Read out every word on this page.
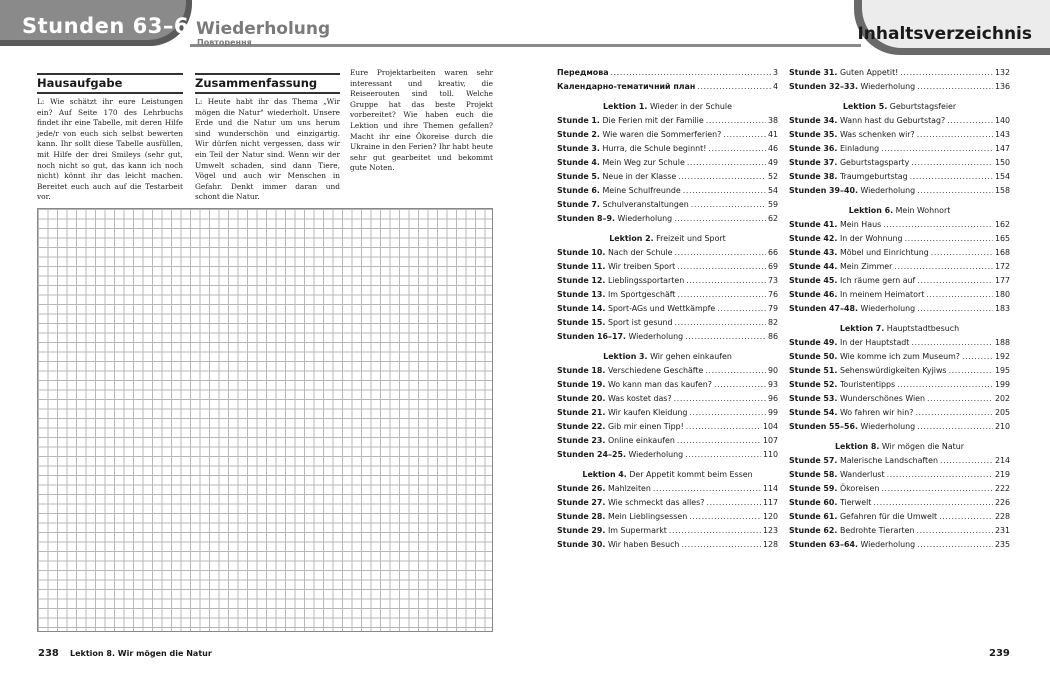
Stunden 63–64
Wiederholung
Повторення
Hausaufgabe
L: Wie schätzt ihr eure Leistungen ein? Auf Seite 170 des Lehrbuchs findet ihr eine Tabelle, mit deren Hilfe jede/r von euch sich selbst bewerten kann. Ihr sollt diese Tabelle ausfüllen, mit Hilfe der drei Smileys (sehr gut, noch nicht so gut, das kann ich noch nicht) könnt ihr das leicht machen. Bereitet euch auch auf die Testarbeit vor.
Zusammenfassung
L: Heute habt ihr das Thema „Wir mögen die Natur" wiederholt. Unsere Erde und die Natur um uns herum sind wunderschön und einzigartig. Wir dürfen nicht vergessen, dass wir ein Teil der Natur sind. Wenn wir der Umwelt schaden, sind dann Tiere, Vögel und auch wir Menschen in Gefahr. Denkt immer daran und schont die Natur.
Eure Projektarbeiten waren sehr interessant und kreativ, die Reiseerouten sind toll. Welche Gruppe hat das beste Projekt vorbereitet? Wie haben euch die Lektion und ihre Themen gefallen? Macht ihr eine Ökoreise durch die Ukraine in den Ferien? Ihr habt heute sehr gut gearbeitet und bekommt gute Noten.
238 Lektion 8. Wir mögen die Natur
Inhaltsverzeichnis
Передмова .....	3
Календарно-тематичний план .....	4
Lektion 1. Wieder in der Schule
Stunde 1. Die Ferien mit der Familie .....	38
Stunde 2. Wie waren die Sommerferien? .....	41
Stunde 3. Hurra, die Schule beginnt! .....	46
Stunde 4. Mein Weg zur Schule .....	49
Stunde 5. Neue in der Klasse .....	52
Stunde 6. Meine Schulfreunde .....	54
Stunde 7. Schulveranstaltungen .....	59
Stunden 8–9. Wiederholung .....	62
Lektion 2. Freizeit und Sport
Stunde 10. Nach der Schule .....	66
Stunde 11. Wir treiben Sport .....	69
Stunde 12. Lieblingssportarten .....	73
Stunde 13. Im Sportgeschäft .....	76
Stunde 14. Sport-AGs und Wettkämpfe .....	79
Stunde 15. Sport ist gesund .....	82
Stunden 16–17. Wiederholung .....	86
Lektion 3. Wir gehen einkaufen
Stunde 18. Verschiedene Geschäfte .....	90
Stunde 19. Wo kann man das kaufen? .....	93
Stunde 20. Was kostet das? .....	96
Stunde 21. Wir kaufen Kleidung .....	99
Stunde 22. Gib mir einen Tipp! .....	104
Stunde 23. Online einkaufen .....	107
Stunden 24–25. Wiederholung .....	110
Lektion 4. Der Appetit kommt beim Essen
Stunde 26. Mahlzeiten .....	114
Stunde 27. Wie schmeckt das alles? .....	117
Stunde 28. Mein Lieblingsessen .....	120
Stunde 29. Im Supermarkt .....	123
Stunde 30. Wir haben Besuch .....	128
Stunde 31. Guten Appetit! .....	132
Stunden 32–33. Wiederholung .....	136
Lektion 5. Geburtstagsfeier
Stunde 34. Wann hast du Geburtstag? .....	140
Stunde 35. Was schenken wir? .....	143
Stunde 36. Einladung .....	147
Stunde 37. Geburtstagsparty .....	150
Stunde 38. Traumgeburtstag .....	154
Stunden 39–40. Wiederholung .....	158
Lektion 6. Mein Wohnort
Stunde 41. Mein Haus .....	162
Stunde 42. In der Wohnung .....	165
Stunde 43. Möbel und Einrichtung .....	168
Stunde 44. Mein Zimmer .....	172
Stunde 45. Ich räume gern auf .....	177
Stunde 46. In meinem Heimatort .....	180
Stunden 47–48. Wiederholung .....	183
Lektion 7. Hauptstadtbesuch
Stunde 49. In der Hauptstadt .....	188
Stunde 50. Wie komme ich zum Museum? .....	192
Stunde 51. Sehenswürdigkeiten Kyjiws .....	195
Stunde 52. Touristentipps .....	199
Stunde 53. Wunderschönes Wien .....	202
Stunde 54. Wo fahren wir hin? .....	205
Stunden 55–56. Wiederholung .....	210
Lektion 8. Wir mögen die Natur
Stunde 57. Malerische Landschaften .....	214
Stunde 58. Wanderlust .....	219
Stunde 59. Ökoreisen .....	222
Stunde 60. Tierwelt .....	226
Stunde 61. Gefahren für die Umwelt .....	228
Stunde 62. Bedrohte Tierarten .....	231
Stunden 63–64. Wiederholung .....	235
239
